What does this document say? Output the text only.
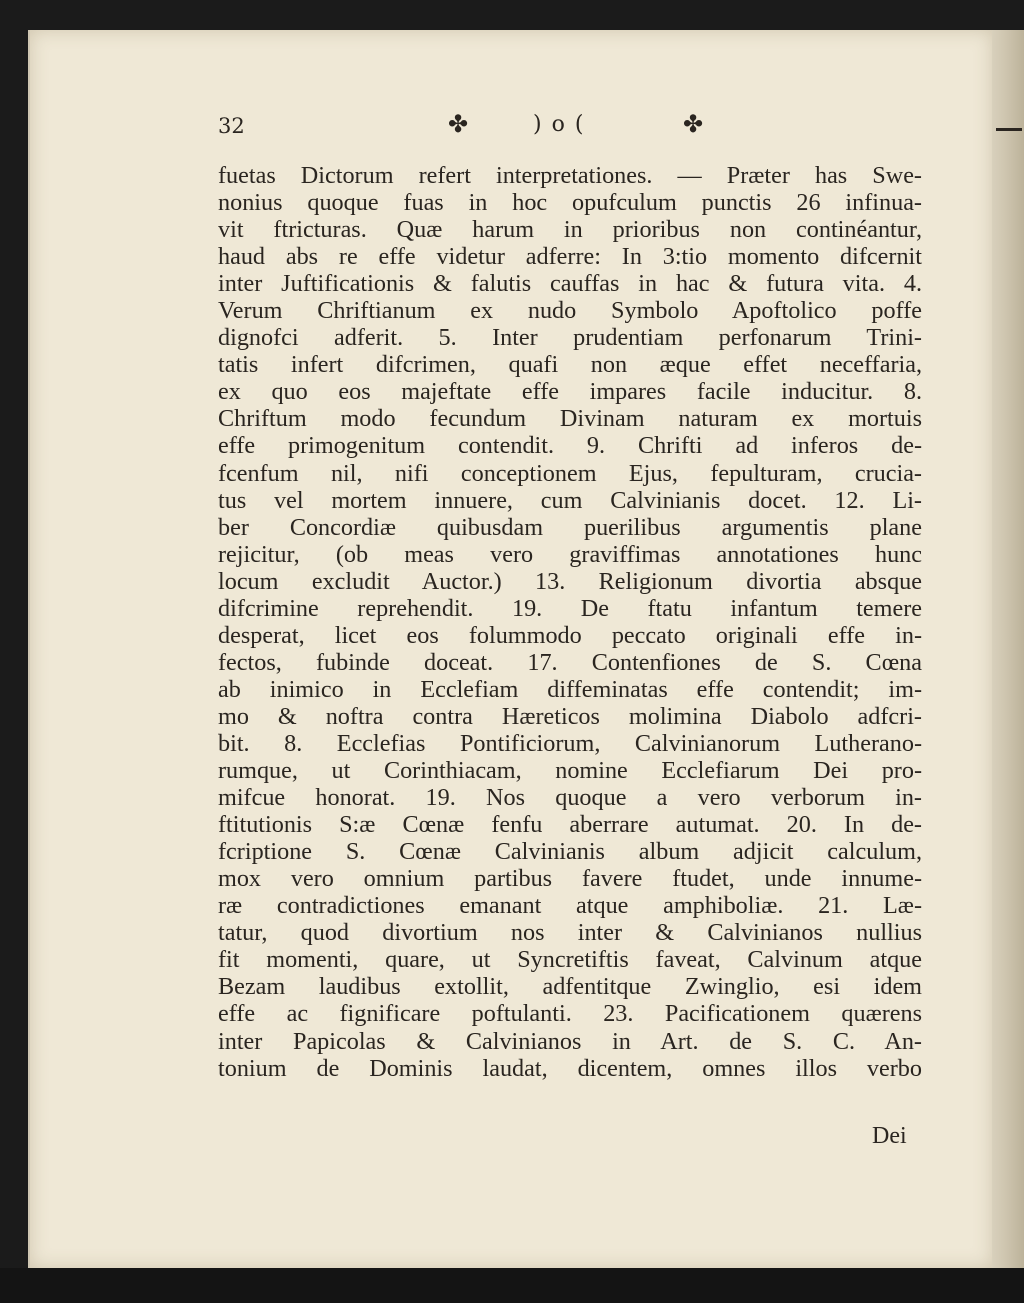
32	✤	)o(	✤
fuetas Dictorum refert interpretationes. — Præter has Swe-
nonius quoque fuas in hoc opufculum punctis 26 infinua-
vit ftricturas. Quæ harum in prioribus non continéantur,
haud abs re effe videtur adferre: In 3:tio momento difcernit
inter Juftificationis & falutis cauffas in hac & futura vita. 4.
Verum Chriftianum ex nudo Symbolo Apoftolico poffe
dignofci adferit. 5. Inter prudentiam perfonarum Trini-
tatis infert difcrimen, quafi non æque effet neceffaria,
ex quo eos majeftate effe impares facile inducitur. 8.
Chriftum modo fecundum Divinam naturam ex mortuis
effe primogenitum contendit. 9. Chrifti ad inferos de-
fcenfum nil, nifi conceptionem Ejus, fepulturam, crucia-
tus vel mortem innuere, cum Calvinianis docet. 12. Li-
ber Concordiæ quibusdam puerilibus argumentis plane
rejicitur, (ob meas vero graviffimas annotationes hunc
locum excludit Auctor.) 13. Religionum divortia absque
difcrimine reprehendit. 19. De ftatu infantum temere
desperat, licet eos folummodo peccato originali effe in-
fectos, fubinde doceat. 17. Contenfiones de S. Cœna
ab inimico in Ecclefiam diffeminatas effe contendit; im-
mo & noftra contra Hæreticos molimina Diabolo adfcri-
bit. 8. Ecclefias Pontificiorum, Calvinianorum Lutherano-
rumque, ut Corinthiacam, nomine Ecclefiarum Dei pro-
mifcue honorat. 19. Nos quoque a vero verborum in-
ftitutionis S:æ Cœnæ fenfu aberrare autumat. 20. In de-
fcriptione S. Cœnæ Calvinianis album adjicit calculum,
mox vero omnium partibus favere ftudet, unde innume-
ræ contradictiones emanant atque amphiboliæ. 21. Læ-
tatur, quod divortium nos inter & Calvinianos nullius
fit momenti, quare, ut Syncretiftis faveat, Calvinum atque
Bezam laudibus extollit, adfentitque Zwinglio, esi idem
effe ac fignificare poftulanti. 23. Pacificationem quærens
inter Papicolas & Calvinianos in Art. de S. C. An-
tonium de Dominis laudat, dicentem, omnes illos verbo
Dei
